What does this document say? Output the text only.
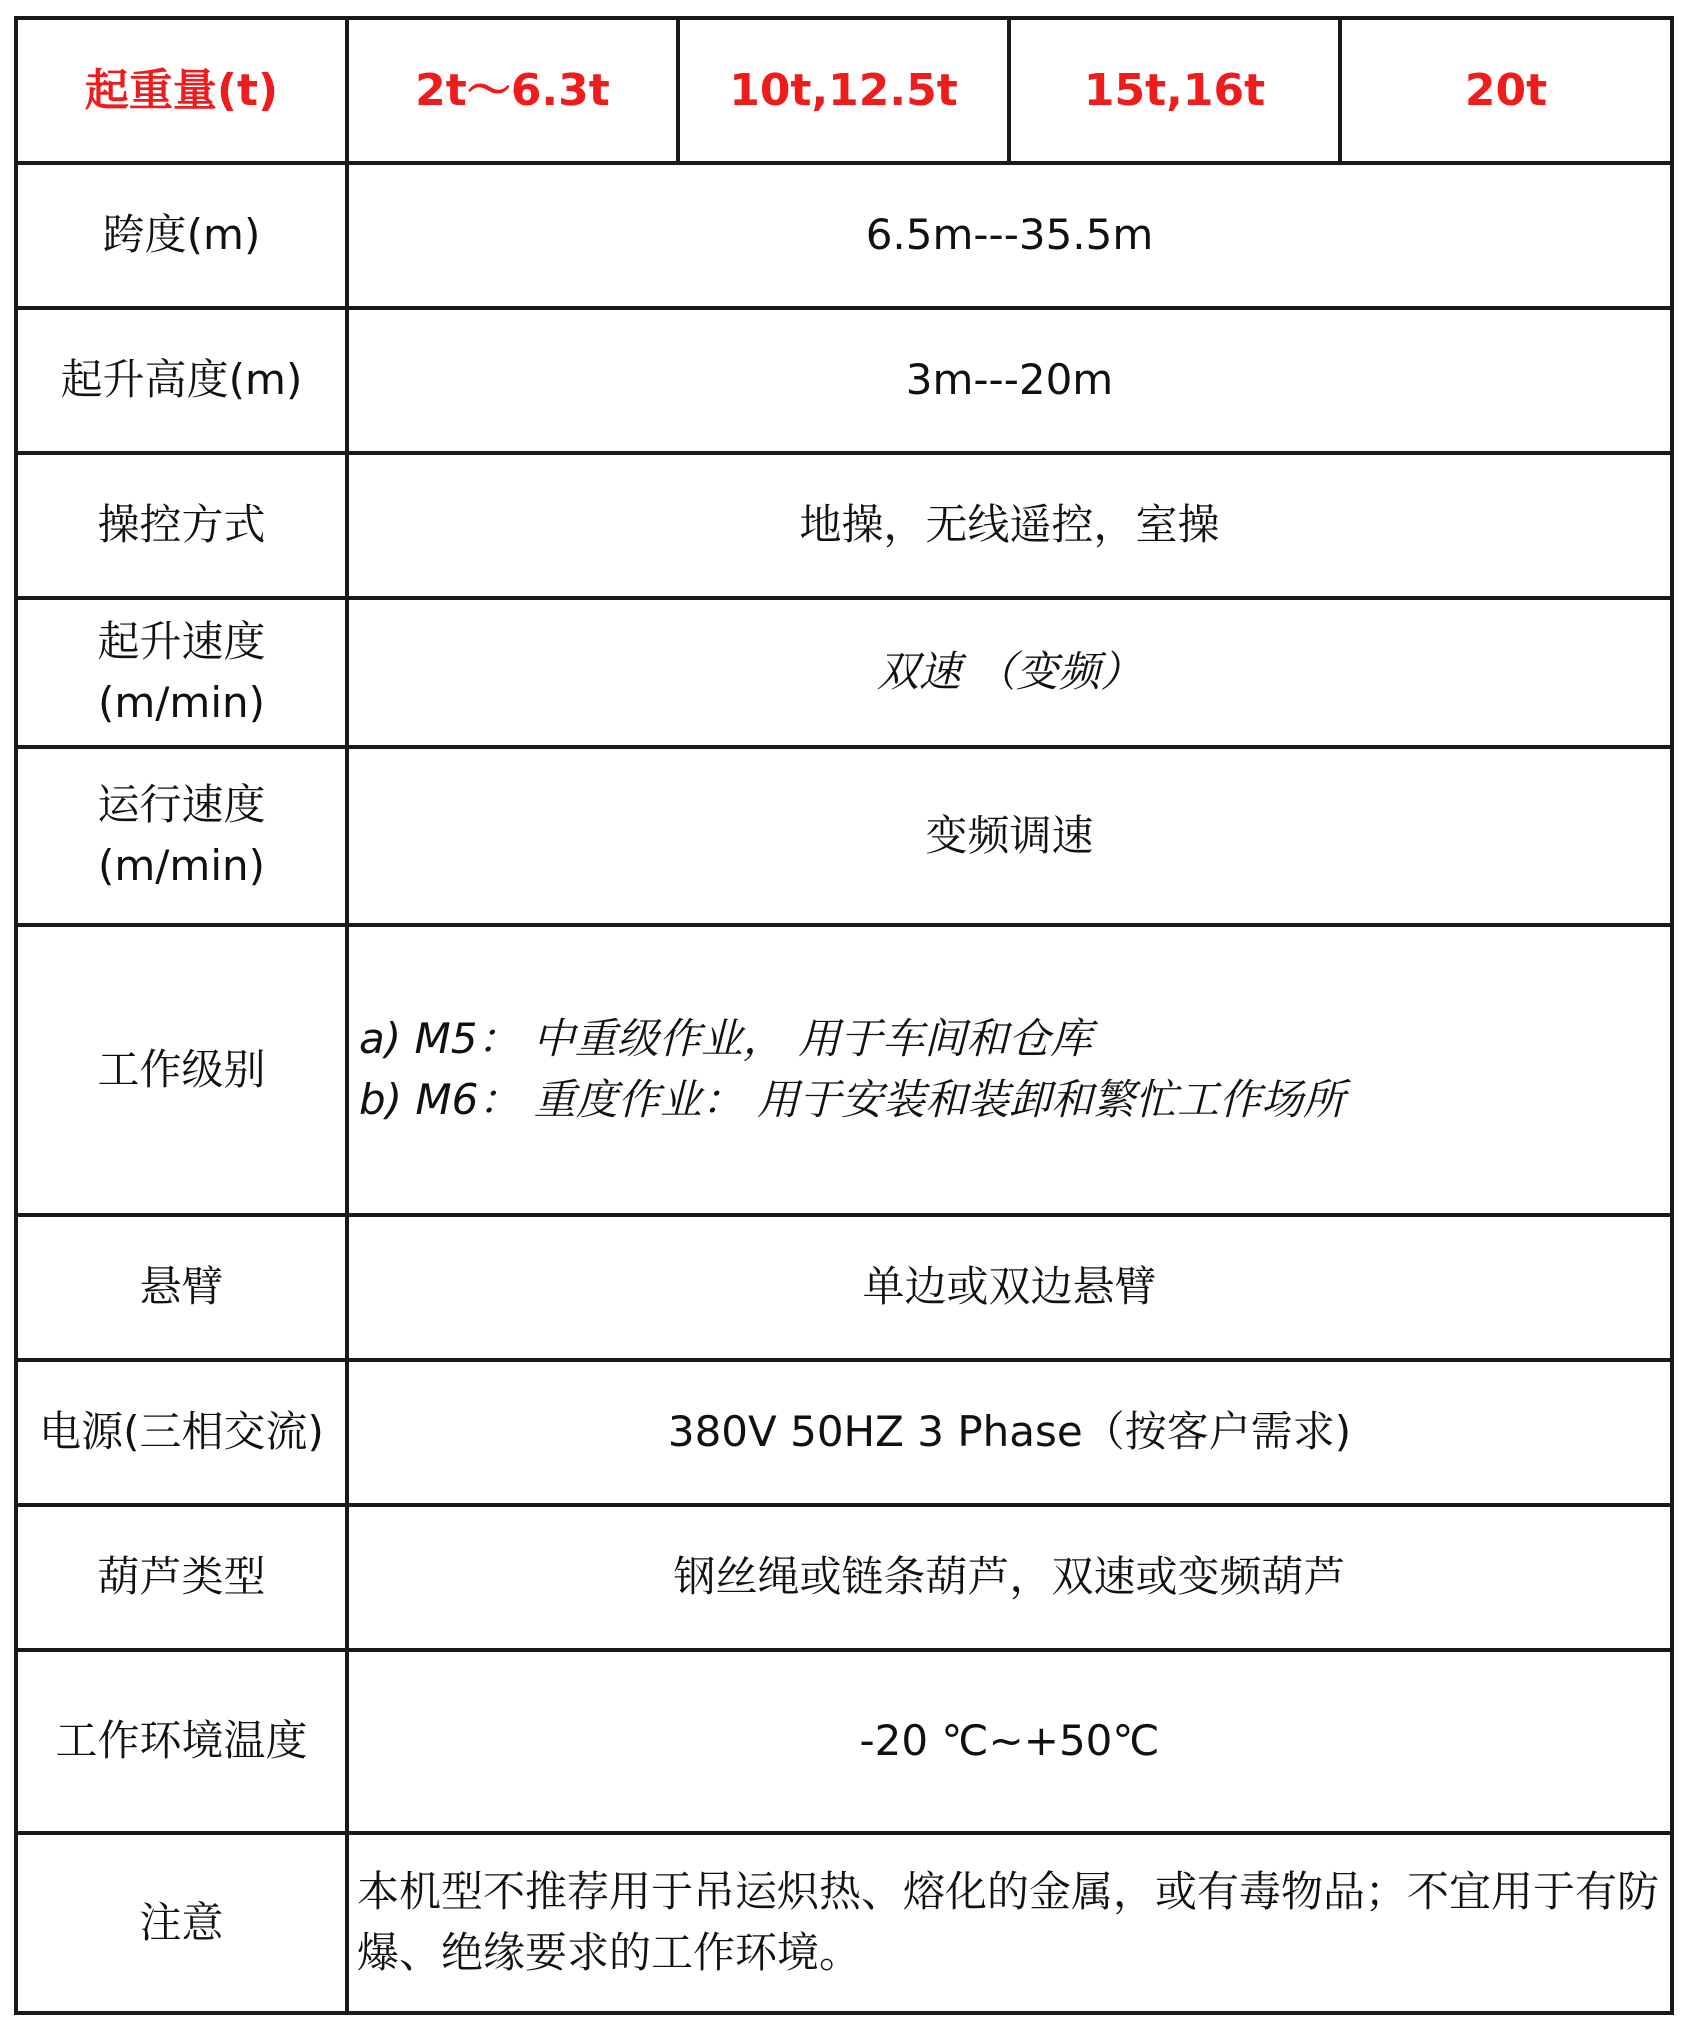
起重量(t)	2t～6.3t	10t,12.5t	15t,16t	20t
跨度(m)	6.5m---35.5m			
起升高度(m)	3m---20m			
操控方式	地操，无线遥控，室操			

起升速度
(m/min)	双速 （变频）			

运行速度
(m/min)	变频调速			
工作级别	a) M5： 中重级作业， 用于车间和仓库
b) M6： 重度作业： 用于安装和装卸和繁忙工作场所			

悬臂	单边或双边悬臂			
电源(三相交流)	380V 50HZ 3 Phase（按客户需求)			
葫芦类型	钢丝绳或链条葫芦，双速或变频葫芦			
工作环境温度	-20 ℃~+50℃			
注意	本机型不推荐用于吊运炽热、熔化的金属，或有毒物品；不宜用于有防爆、绝缘要求的工作环境。			
